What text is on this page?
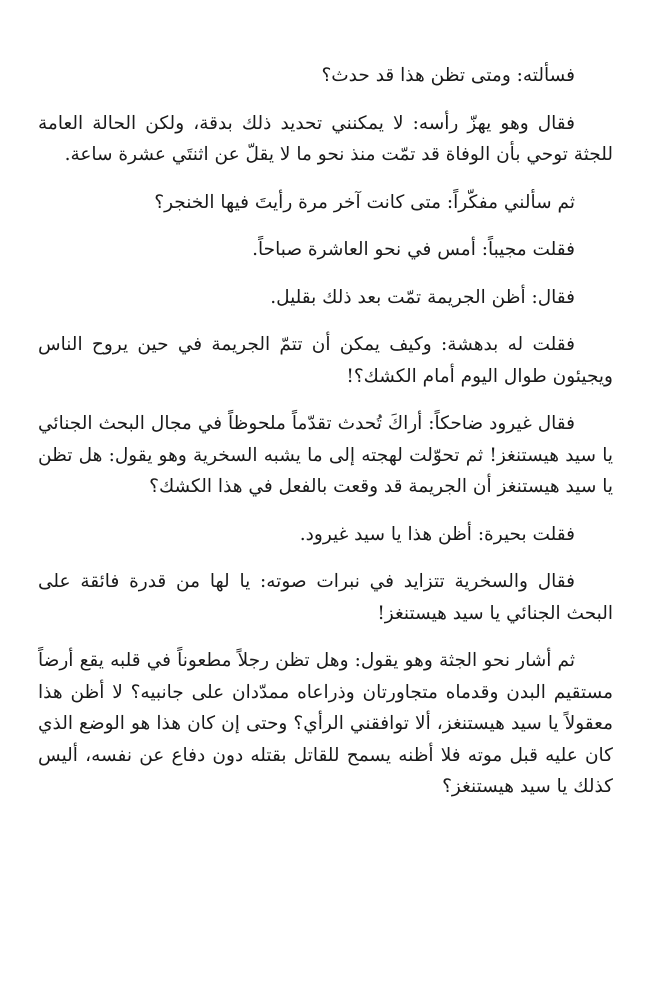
فسألته: ومتى تظن هذا قد حدث؟

فقال وهو يهزّ رأسه: لا يمكنني تحديد ذلك بدقة، ولكن الحالة العامة للجثة توحي بأن الوفاة قد تمّت منذ نحو ما لا يقلّ عن اثنتَي عشرة ساعة.

ثم سألني مفكّراً: متى كانت آخر مرة رأيتَ فيها الخنجر؟

فقلت مجيباً: أمس في نحو العاشرة صباحاً.

فقال: أظن الجريمة تمّت بعد ذلك بقليل.

فقلت له بدهشة: وكيف يمكن أن تتمّ الجريمة في حين يروح الناس ويجيئون طوال اليوم أمام الكشك؟!

فقال غيرود ضاحكاً: أراكَ تُحدث تقدّماً ملحوظاً في مجال البحث الجنائي يا سيد هيستنغز! ثم تحوّلت لهجته إلى ما يشبه السخرية وهو يقول: هل تظن يا سيد هيستنغز أن الجريمة قد وقعت بالفعل في هذا الكشك؟

فقلت بحيرة: أظن هذا يا سيد غيرود.

فقال والسخرية تتزايد في نبرات صوته: يا لها من قدرة فائقة على البحث الجنائي يا سيد هيستنغز!

ثم أشار نحو الجثة وهو يقول: وهل تظن رجلاً مطعوناً في قلبه يقع أرضاً مستقيم البدن وقدماه متجاورتان وذراعاه ممدّدان على جانبيه؟ لا أظن هذا معقولاً يا سيد هيستنغز، ألا توافقني الرأي؟ وحتى إن كان هذا هو الوضع الذي كان عليه قبل موته فلا أظنه يسمح للقاتل بقتله دون دفاع عن نفسه، أليس كذلك يا سيد هيستنغز؟
